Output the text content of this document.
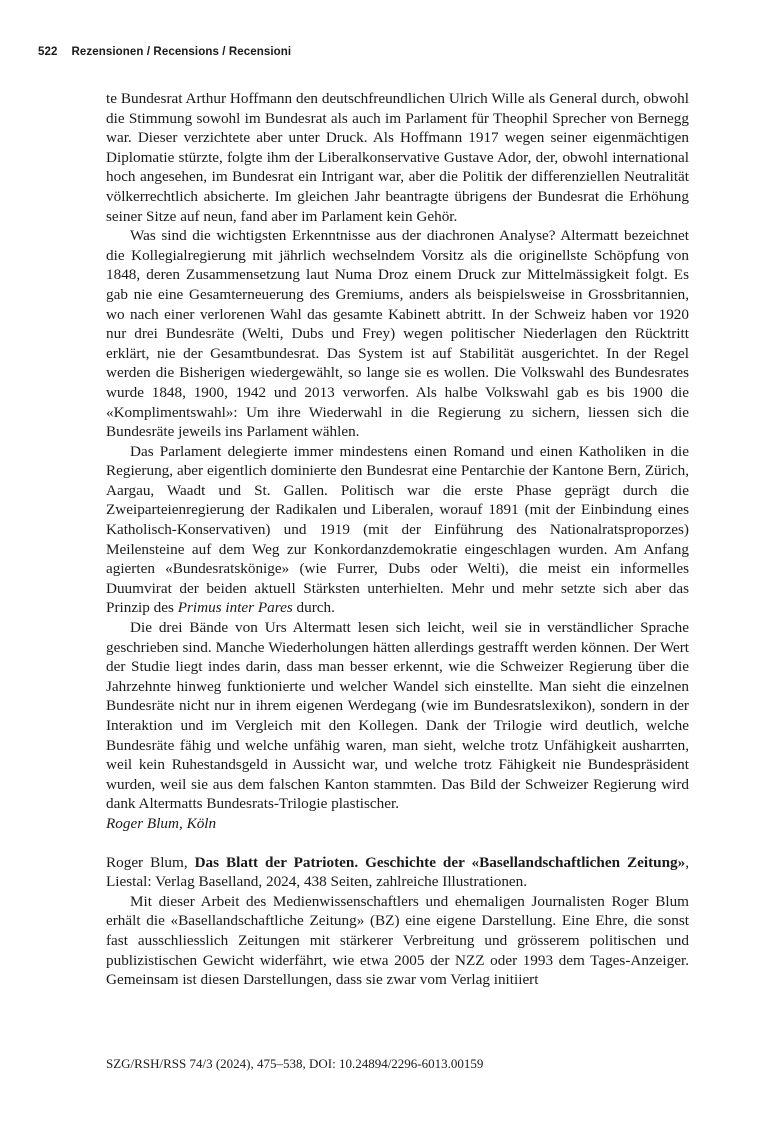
522 Rezensionen / Recensions / Recensioni

te Bundesrat Arthur Hoffmann den deutschfreundlichen Ulrich Wille als General durch, obwohl die Stimmung sowohl im Bundesrat als auch im Parlament für Theophil Sprecher von Bernegg war. Dieser verzichtete aber unter Druck. Als Hoffmann 1917 wegen seiner eigenmächtigen Diplomatie stürzte, folgte ihm der Liberalkonservative Gustave Ador, der, obwohl international hoch angesehen, im Bundesrat ein Intrigant war, aber die Politik der differenziellen Neutralität völkerrechtlich absicherte. Im gleichen Jahr beantragte übrigens der Bundesrat die Erhöhung seiner Sitze auf neun, fand aber im Parlament kein Gehör.

Was sind die wichtigsten Erkenntnisse aus der diachronen Analyse? Altermatt bezeichnet die Kollegialregierung mit jährlich wechselndem Vorsitz als die originellste Schöpfung von 1848, deren Zusammensetzung laut Numa Droz einem Druck zur Mittelmässigkeit folgt. Es gab nie eine Gesamterneuerung des Gremiums, anders als beispielsweise in Grossbritannien, wo nach einer verlorenen Wahl das gesamte Kabinett abtritt. In der Schweiz haben vor 1920 nur drei Bundesräte (Welti, Dubs und Frey) wegen politischer Niederlagen den Rücktritt erklärt, nie der Gesamtbundesrat. Das System ist auf Stabilität ausgerichtet. In der Regel werden die Bisherigen wiedergewählt, so lange sie es wollen. Die Volkswahl des Bundesrates wurde 1848, 1900, 1942 und 2013 verworfen. Als halbe Volkswahl gab es bis 1900 die «Komplimentswahl»: Um ihre Wiederwahl in die Regierung zu sichern, liessen sich die Bundesräte jeweils ins Parlament wählen.

Das Parlament delegierte immer mindestens einen Romand und einen Katholiken in die Regierung, aber eigentlich dominierte den Bundesrat eine Pentarchie der Kantone Bern, Zürich, Aargau, Waadt und St. Gallen. Politisch war die erste Phase geprägt durch die Zweiparteienregierung der Radikalen und Liberalen, worauf 1891 (mit der Einbindung eines Katholisch-Konservativen) und 1919 (mit der Einführung des Nationalratsproporzes) Meilensteine auf dem Weg zur Konkordanzdemokratie eingeschlagen wurden. Am Anfang agierten «Bundesratskönige» (wie Furrer, Dubs oder Welti), die meist ein informelles Duumvirat der beiden aktuell Stärksten unterhielten. Mehr und mehr setzte sich aber das Prinzip des Primus inter Pares durch.

Die drei Bände von Urs Altermatt lesen sich leicht, weil sie in verständlicher Sprache geschrieben sind. Manche Wiederholungen hätten allerdings gestrafft werden können. Der Wert der Studie liegt indes darin, dass man besser erkennt, wie die Schweizer Regierung über die Jahrzehnte hinweg funktionierte und welcher Wandel sich einstellte. Man sieht die einzelnen Bundesräte nicht nur in ihrem eigenen Werdegang (wie im Bundesratslexikon), sondern in der Interaktion und im Vergleich mit den Kollegen. Dank der Trilogie wird deutlich, welche Bundesräte fähig und welche unfähig waren, man sieht, welche trotz Unfähigkeit ausharrten, weil kein Ruhestandsgeld in Aussicht war, und welche trotz Fähigkeit nie Bundespräsident wurden, weil sie aus dem falschen Kanton stammten. Das Bild der Schweizer Regierung wird dank Altermatts Bundesrats-Trilogie plastischer.

Roger Blum, Köln

Roger Blum, Das Blatt der Patrioten. Geschichte der «Basellandschaftlichen Zeitung», Liestal: Verlag Baselland, 2024, 438 Seiten, zahlreiche Illustrationen.

Mit dieser Arbeit des Medienwissenschaftlers und ehemaligen Journalisten Roger Blum erhält die «Basellandschaftliche Zeitung» (BZ) eine eigene Darstellung. Eine Ehre, die sonst fast ausschliesslich Zeitungen mit stärkerer Verbreitung und grösserem politischen und publizistischen Gewicht widerfährt, wie etwa 2005 der NZZ oder 1993 dem Tages-Anzeiger. Gemeinsam ist diesen Darstellungen, dass sie zwar vom Verlag initiiert

SZG/RSH/RSS 74/3 (2024), 475–538, DOI: 10.24894/2296-6013.00159
